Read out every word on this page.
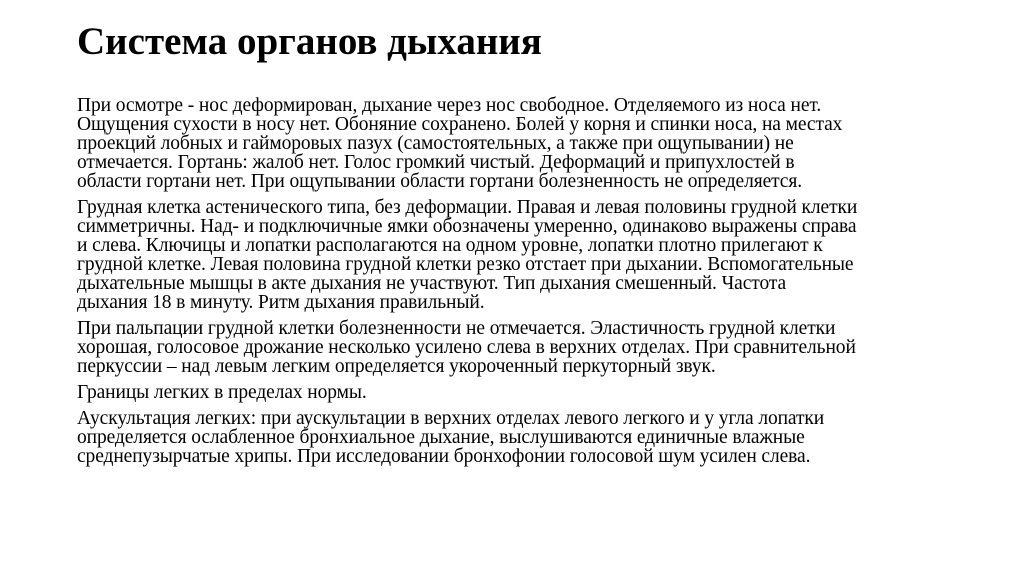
Система органов дыхания

При осмотре - нос деформирован, дыхание через нос свободное. Отделяемого из носа нет.
Ощущения сухости в носу нет. Обоняние сохранено. Болей у корня и спинки носа, на местах
проекций лобных и гайморовых пазух (самостоятельных, а также при ощупывании) не
отмечается. Гортань: жалоб нет. Голос громкий чистый. Деформаций и припухлостей в
области гортани нет. При ощупывании области гортани болезненность не определяется.

Грудная клетка астенического типа, без деформации. Правая и левая половины грудной клетки
симметричны. Над- и подключичные ямки обозначены умеренно, одинаково выражены справа
и слева. Ключицы и лопатки располагаются на одном уровне, лопатки плотно прилегают к
грудной клетке. Левая половина грудной клетки резко отстает при дыхании. Вспомогательные
дыхательные мышцы в акте дыхания не участвуют. Тип дыхания смешенный. Частота
дыхания 18 в минуту. Ритм дыхания правильный.

При пальпации грудной клетки болезненности не отмечается. Эластичность грудной клетки
хорошая, голосовое дрожание несколько усилено слева в верхних отделах. При сравнительной
перкуссии – над левым легким определяется укороченный перкуторный звук.

Границы легких в пределах нормы.

Аускультация легких: при аускультации в верхних отделах левого легкого и у угла лопатки
определяется ослабленное бронхиальное дыхание, выслушиваются единичные влажные
среднепузырчатые хрипы. При исследовании бронхофонии голосовой шум усилен слева.
